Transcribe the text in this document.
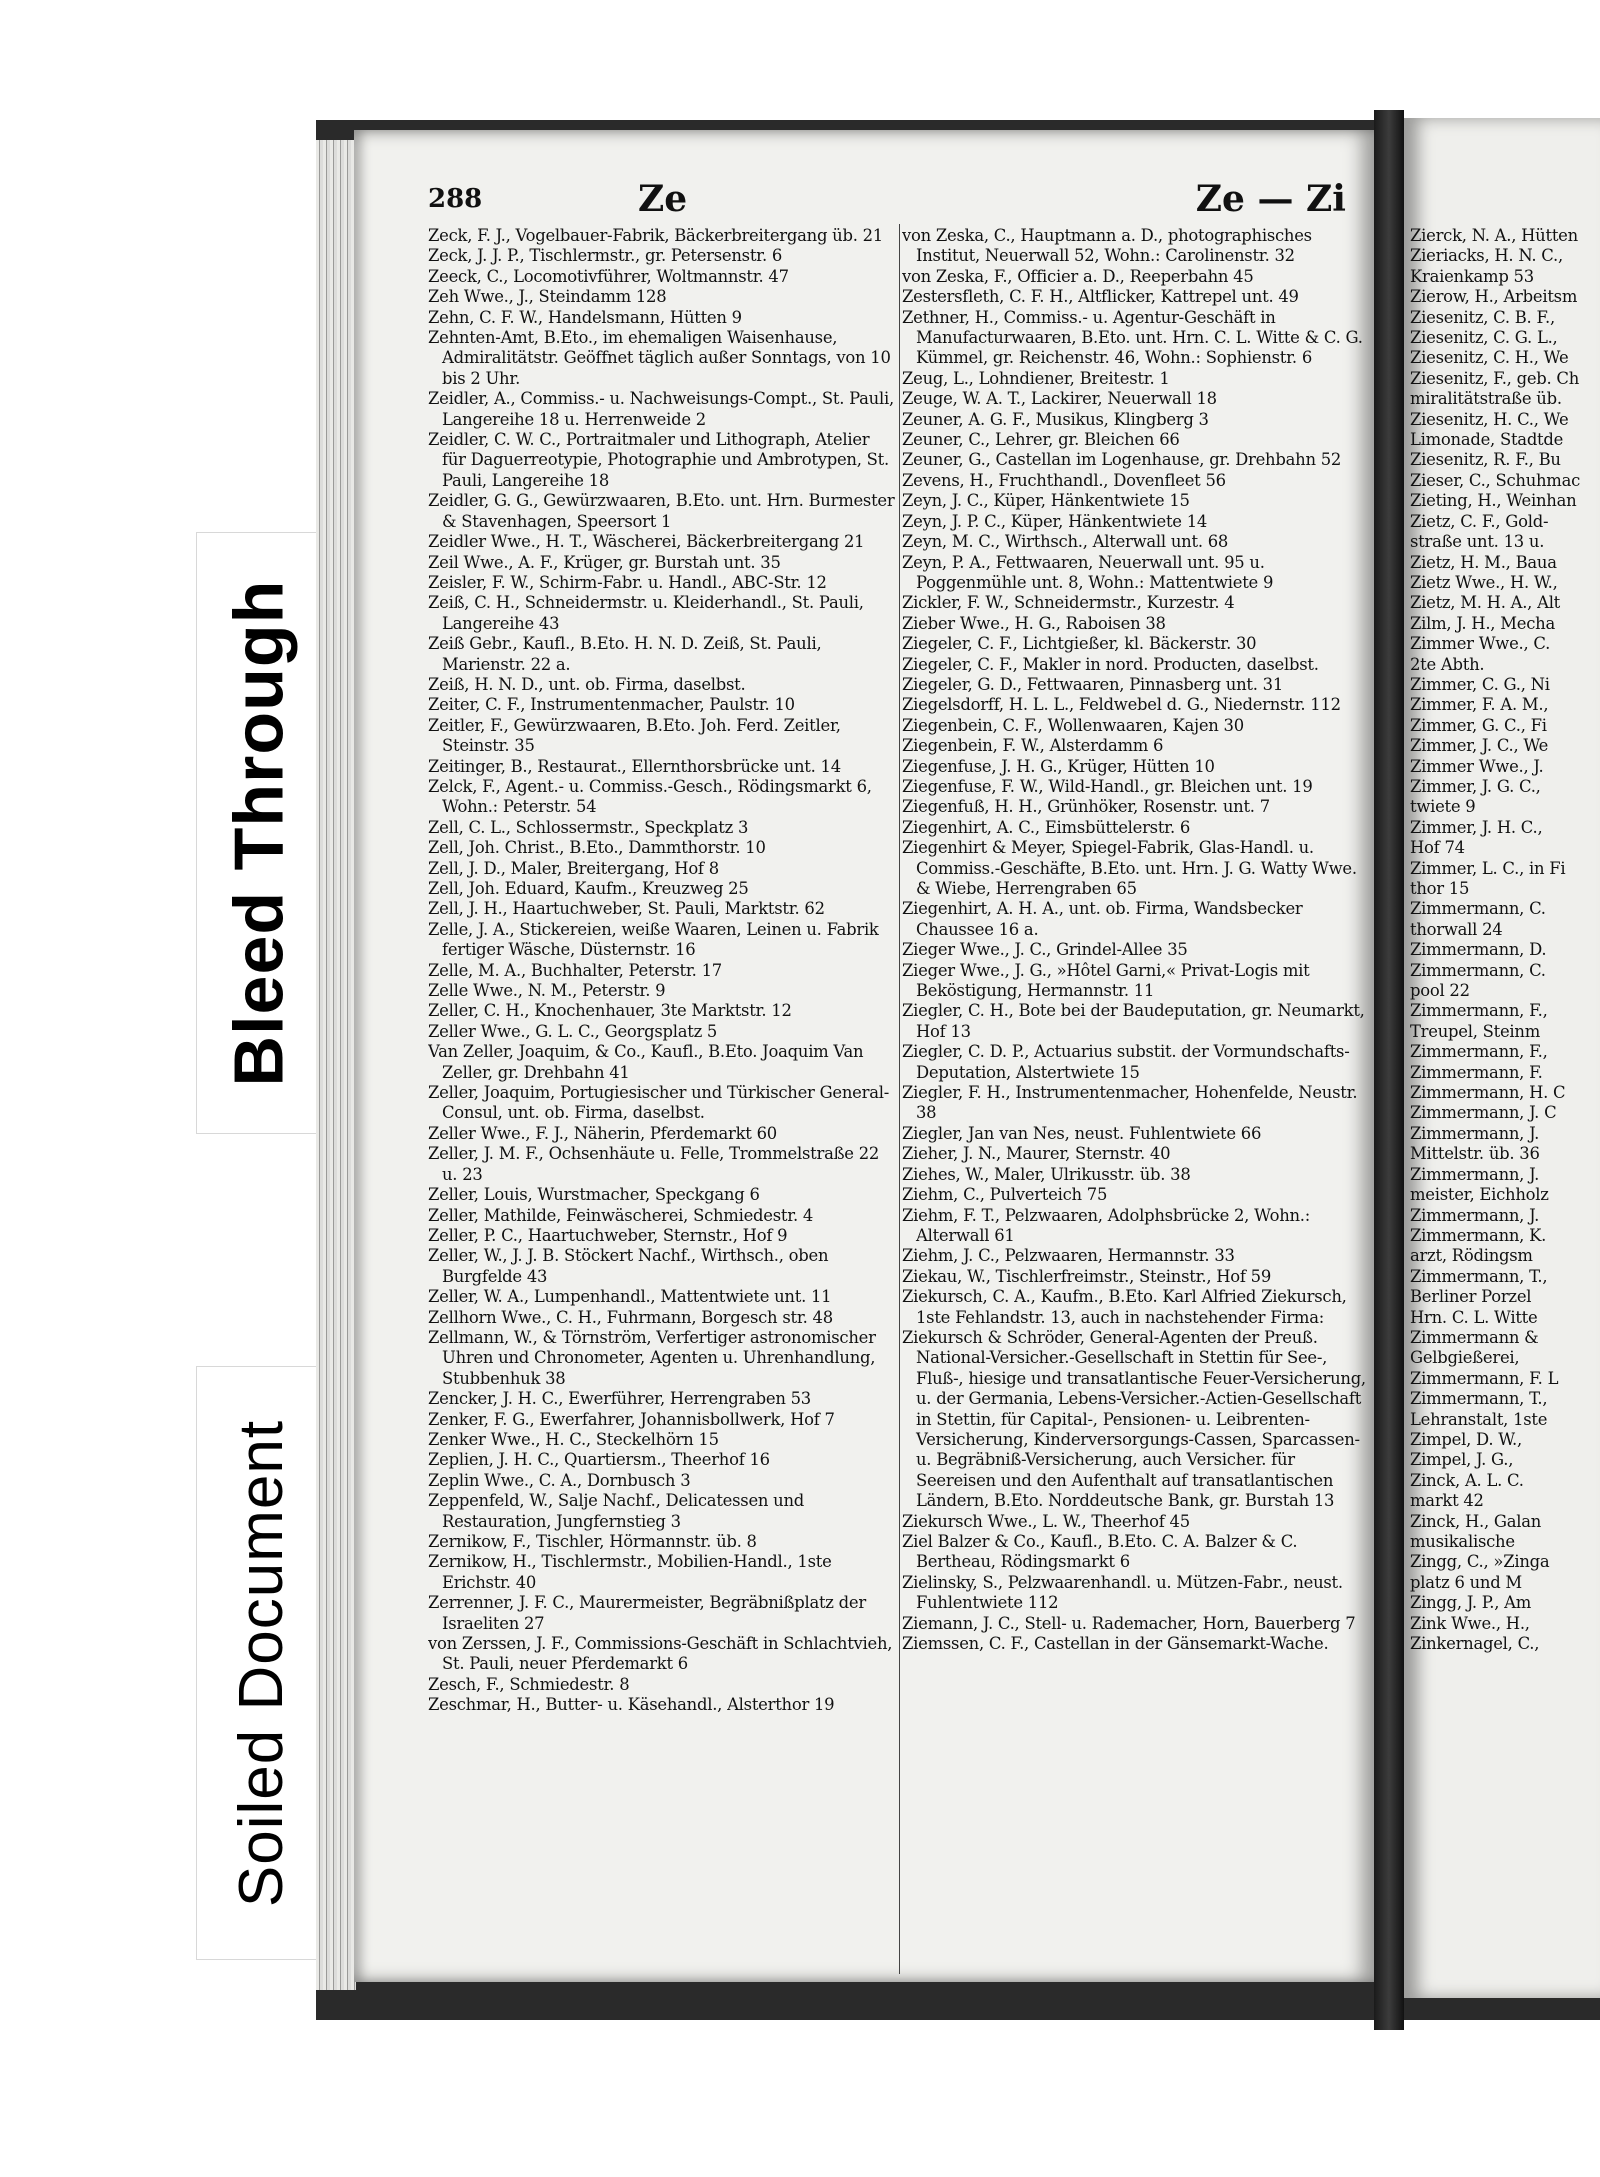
Bleed Through
Soiled Document
288	Ze	Ze — Zi

Zeck, F. J., Vogelbauer-Fabrik, Bäckerbreitergang üb. 21

Zeck, J. J. P., Tischlermstr., gr. Petersenstr. 6

Zeeck, C., Locomotivführer, Woltmannstr. 47

Zeh Wwe., J., Steindamm 128

Zehn, C. F. W., Handelsmann, Hütten 9

Zehnten-Amt, B.Eto., im ehemaligen Waisenhause, Admiralitätstr. Geöffnet täglich außer Sonntags, von 10 bis 2 Uhr.

Zeidler, A., Commiss.- u. Nachweisungs-Compt., St. Pauli, Langereihe 18 u. Herrenweide 2

Zeidler, C. W. C., Portraitmaler und Lithograph, Atelier für Daguerreotypie, Photographie und Ambrotypen, St. Pauli, Langereihe 18

Zeidler, G. G., Gewürzwaaren, B.Eto. unt. Hrn. Burmester & Stavenhagen, Speersort 1

Zeidler Wwe., H. T., Wäscherei, Bäckerbreitergang 21

Zeil Wwe., A. F., Krüger, gr. Burstah unt. 35

Zeisler, F. W., Schirm-Fabr. u. Handl., ABC-Str. 12

Zeiß, C. H., Schneidermstr. u. Kleiderhandl., St. Pauli, Langereihe 43

Zeiß Gebr., Kaufl., B.Eto. H. N. D. Zeiß, St. Pauli, Marienstr. 22 a.

Zeiß, H. N. D., unt. ob. Firma, daselbst.

Zeiter, C. F., Instrumentenmacher, Paulstr. 10

Zeitler, F., Gewürzwaaren, B.Eto. Joh. Ferd. Zeitler, Steinstr. 35

Zeitinger, B., Restaurat., Ellernthorsbrücke unt. 14

Zelck, F., Agent.- u. Commiss.-Gesch., Rödingsmarkt 6, Wohn.: Peterstr. 54

Zell, C. L., Schlossermstr., Speckplatz 3

Zell, Joh. Christ., B.Eto., Dammthorstr. 10

Zell, J. D., Maler, Breitergang, Hof 8

Zell, Joh. Eduard, Kaufm., Kreuzweg 25

Zell, J. H., Haartuchweber, St. Pauli, Marktstr. 62

Zelle, J. A., Stickereien, weiße Waaren, Leinen u. Fabrik fertiger Wäsche, Düsternstr. 16

Zelle, M. A., Buchhalter, Peterstr. 17

Zelle Wwe., N. M., Peterstr. 9

Zeller, C. H., Knochenhauer, 3te Marktstr. 12

Zeller Wwe., G. L. C., Georgsplatz 5

Van Zeller, Joaquim, & Co., Kaufl., B.Eto. Joaquim Van Zeller, gr. Drehbahn 41

Zeller, Joaquim, Portugiesischer und Türkischer General-Consul, unt. ob. Firma, daselbst.

Zeller Wwe., F. J., Näherin, Pferdemarkt 60

Zeller, J. M. F., Ochsenhäute u. Felle, Trommelstraße 22 u. 23

Zeller, Louis, Wurstmacher, Speckgang 6

Zeller, Mathilde, Feinwäscherei, Schmiedestr. 4

Zeller, P. C., Haartuchweber, Sternstr., Hof 9

Zeller, W., J. J. B. Stöckert Nachf., Wirthsch., oben Burgfelde 43

Zeller, W. A., Lumpenhandl., Mattentwiete unt. 11

Zellhorn Wwe., C. H., Fuhrmann, Borgesch str. 48

Zellmann, W., & Törnström, Verfertiger astronomischer Uhren und Chronometer, Agenten u. Uhrenhandlung, Stubbenhuk 38

Zencker, J. H. C., Ewerführer, Herrengraben 53

Zenker, F. G., Ewerfahrer, Johannisbollwerk, Hof 7

Zenker Wwe., H. C., Steckelhörn 15

Zeplien, J. H. C., Quartiersm., Theerhof 16

Zeplin Wwe., C. A., Dornbusch 3

Zeppenfeld, W., Salje Nachf., Delicatessen und Restauration, Jungfernstieg 3

Zernikow, F., Tischler, Hörmannstr. üb. 8

Zernikow, H., Tischlermstr., Mobilien-Handl., 1ste Erichstr. 40

Zerrenner, J. F. C., Maurermeister, Begräbnißplatz der Israeliten 27

von Zerssen, J. F., Commissions-Geschäft in Schlachtvieh, St. Pauli, neuer Pferdemarkt 6

Zesch, F., Schmiedestr. 8

Zeschmar, H., Butter- u. Käsehandl., Alsterthor 19

von Zeska, C., Hauptmann a. D., photographisches Institut, Neuerwall 52, Wohn.: Carolinenstr. 32

von Zeska, F., Officier a. D., Reeperbahn 45

Zestersfleth, C. F. H., Altflicker, Kattrepel unt. 49

Zethner, H., Commiss.- u. Agentur-Geschäft in Manufacturwaaren, B.Eto. unt. Hrn. C. L. Witte & C. G. Kümmel, gr. Reichenstr. 46, Wohn.: Sophienstr. 6

Zeug, L., Lohndiener, Breitestr. 1

Zeuge, W. A. T., Lackirer, Neuerwall 18

Zeuner, A. G. F., Musikus, Klingberg 3

Zeuner, C., Lehrer, gr. Bleichen 66

Zeuner, G., Castellan im Logenhause, gr. Drehbahn 52

Zevens, H., Fruchthandl., Dovenfleet 56

Zeyn, J. C., Küper, Hänkentwiete 15

Zeyn, J. P. C., Küper, Hänkentwiete 14

Zeyn, M. C., Wirthsch., Alterwall unt. 68

Zeyn, P. A., Fettwaaren, Neuerwall unt. 95 u. Poggenmühle unt. 8, Wohn.: Mattentwiete 9

Zickler, F. W., Schneidermstr., Kurzestr. 4

Zieber Wwe., H. G., Raboisen 38

Ziegeler, C. F., Lichtgießer, kl. Bäckerstr. 30

Ziegeler, C. F., Makler in nord. Producten, daselbst.

Ziegeler, G. D., Fettwaaren, Pinnasberg unt. 31

Ziegelsdorff, H. L. L., Feldwebel d. G., Niedernstr. 112

Ziegenbein, C. F., Wollenwaaren, Kajen 30

Ziegenbein, F. W., Alsterdamm 6

Ziegenfuse, J. H. G., Krüger, Hütten 10

Ziegenfuse, F. W., Wild-Handl., gr. Bleichen unt. 19

Ziegenfuß, H. H., Grünhöker, Rosenstr. unt. 7

Ziegenhirt, A. C., Eimsbüttelerstr. 6

Ziegenhirt & Meyer, Spiegel-Fabrik, Glas-Handl. u. Commiss.-Geschäfte, B.Eto. unt. Hrn. J. G. Watty Wwe. & Wiebe, Herrengraben 65

Ziegenhirt, A. H. A., unt. ob. Firma, Wandsbecker Chaussee 16 a.

Zieger Wwe., J. C., Grindel-Allee 35

Zieger Wwe., J. G., »Hôtel Garni,« Privat-Logis mit Beköstigung, Hermannstr. 11

Ziegler, C. H., Bote bei der Baudeputation, gr. Neumarkt, Hof 13

Ziegler, C. D. P., Actuarius substit. der Vormundschafts-Deputation, Alstertwiete 15

Ziegler, F. H., Instrumentenmacher, Hohenfelde, Neustr. 38

Ziegler, Jan van Nes, neust. Fuhlentwiete 66

Zieher, J. N., Maurer, Sternstr. 40

Ziehes, W., Maler, Ulrikusstr. üb. 38

Ziehm, C., Pulverteich 75

Ziehm, F. T., Pelzwaaren, Adolphsbrücke 2, Wohn.: Alterwall 61

Ziehm, J. C., Pelzwaaren, Hermannstr. 33

Ziekau, W., Tischlerfreimstr., Steinstr., Hof 59

Ziekursch, C. A., Kaufm., B.Eto. Karl Alfried Ziekursch, 1ste Fehlandstr. 13, auch in nachstehender Firma:

Ziekursch & Schröder, General-Agenten der Preuß. National-Versicher.-Gesellschaft in Stettin für See-, Fluß-, hiesige und transatlantische Feuer-Versicherung, u. der Germania, Lebens-Versicher.-Actien-Gesellschaft in Stettin, für Capital-, Pensionen- u. Leibrenten-Versicherung, Kinderversorgungs-Cassen, Sparcassen- u. Begräbniß-Versicherung, auch Versicher. für Seereisen und den Aufenthalt auf transatlantischen Ländern, B.Eto. Norddeutsche Bank, gr. Burstah 13

Ziekursch Wwe., L. W., Theerhof 45

Ziel Balzer & Co., Kaufl., B.Eto. C. A. Balzer & C. Bertheau, Rödingsmarkt 6

Zielinsky, S., Pelzwaarenhandl. u. Mützen-Fabr., neust. Fuhlentwiete 112

Ziemann, J. C., Stell- u. Rademacher, Horn, Bauerberg 7

Ziemssen, C. F., Castellan in der Gänsemarkt-Wache.

Zierck, N. A., Hütten

Zieriacks, H. N. C.,

Kraienkamp 53

Zierow, H., Arbeitsm

Ziesenitz, C. B. F.,

Ziesenitz, C. G. L.,

Ziesenitz, C. H., We

Ziesenitz, F., geb. Ch

miralitätstraße üb.

Ziesenitz, H. C., We

Limonade, Stadtde

Ziesenitz, R. F., Bu

Zieser, C., Schuhmac

Zieting, H., Weinhan

Zietz, C. F., Gold-

straße unt. 13 u.

Zietz, H. M., Baua

Zietz Wwe., H. W.,

Zietz, M. H. A., Alt

Zilm, J. H., Mecha

Zimmer Wwe., C.

2te Abth.

Zimmer, C. G., Ni

Zimmer, F. A. M.,

Zimmer, G. C., Fi

Zimmer, J. C., We

Zimmer Wwe., J.

Zimmer, J. G. C.,

twiete 9

Zimmer, J. H. C.,

Hof 74

Zimmer, L. C., in Fi

thor 15

Zimmermann, C.

thorwall 24

Zimmermann, D.

Zimmermann, C.

pool 22

Zimmermann, F.,

Treupel, Steinm

Zimmermann, F.,

Zimmermann, F.

Zimmermann, H. C

Zimmermann, J. C

Zimmermann, J.

Mittelstr. üb. 36

Zimmermann, J.

meister, Eichholz

Zimmermann, J.

Zimmermann, K.

arzt, Rödingsm

Zimmermann, T.,

Berliner Porzel

Hrn. C. L. Witte

Zimmermann &

Gelbgießerei,

Zimmermann, F. L

Zimmermann, T.,

Lehranstalt, 1ste

Zimpel, D. W.,

Zimpel, J. G.,

Zinck, A. L. C.

markt 42

Zinck, H., Galan

musikalische

Zingg, C., »Zinga

platz 6 und M

Zingg, J. P., Am

Zink Wwe., H.,

Zinkernagel, C.,
